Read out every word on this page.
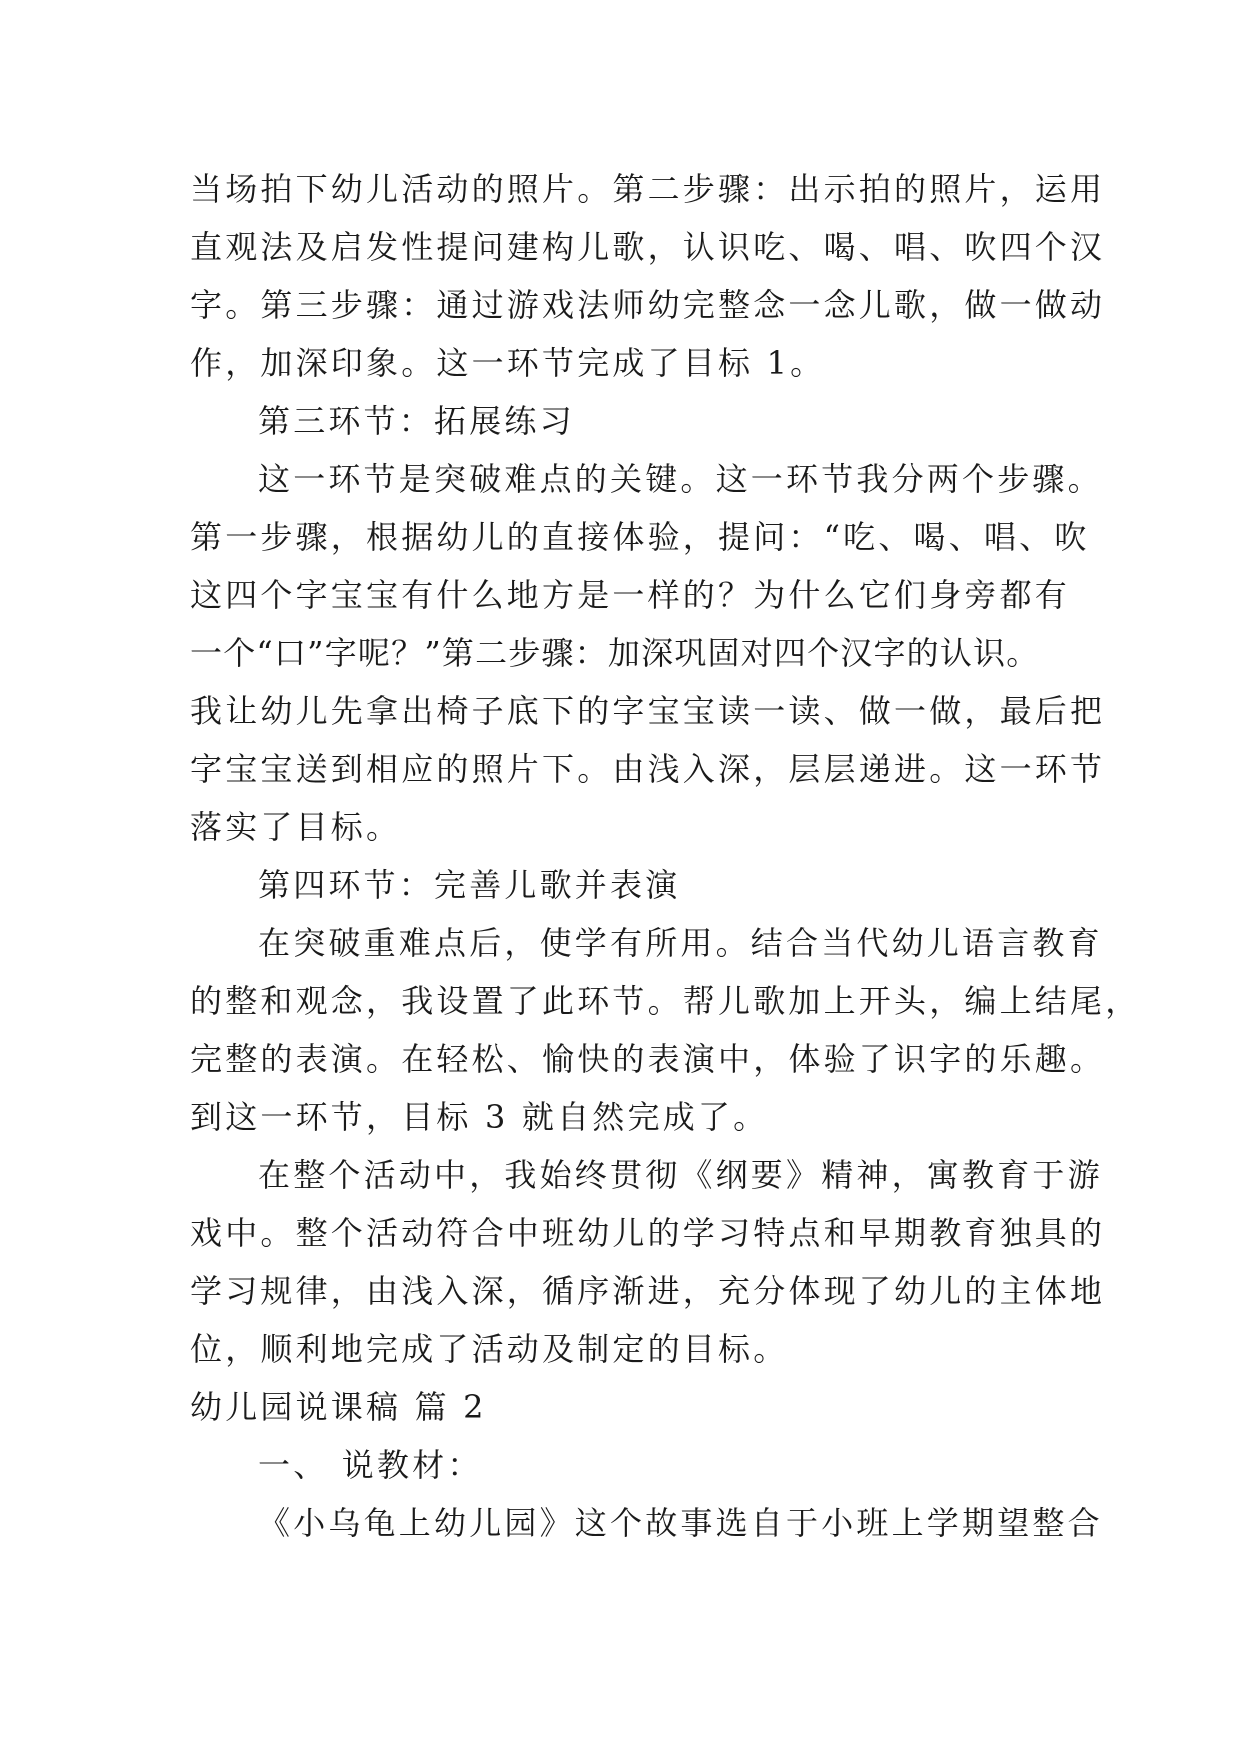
当场拍下幼儿活动的照片。第二步骤：出示拍的照片，运用
直观法及启发性提问建构儿歌，认识吃、喝、唱、吹四个汉
字。第三步骤：通过游戏法师幼完整念一念儿歌，做一做动
作，加深印象。这一环节完成了目标 1。
第三环节：拓展练习
这一环节是突破难点的关键。这一环节我分两个步骤。
第一步骤，根据幼儿的直接体验，提问：“吃、喝、唱、吹
这四个字宝宝有什么地方是一样的？为什么它们身旁都有
一个“口”字呢？”第二步骤：加深巩固对四个汉字的认识。
我让幼儿先拿出椅子底下的字宝宝读一读、做一做，最后把
字宝宝送到相应的照片下。由浅入深，层层递进。这一环节
落实了目标。
第四环节：完善儿歌并表演
在突破重难点后，使学有所用。结合当代幼儿语言教育
的整和观念，我设置了此环节。帮儿歌加上开头，编上结尾，
完整的表演。在轻松、愉快的表演中，体验了识字的乐趣。
到这一环节，目标 3 就自然完成了。
在整个活动中，我始终贯彻《纲要》精神，寓教育于游
戏中。整个活动符合中班幼儿的学习特点和早期教育独具的
学习规律，由浅入深，循序渐进，充分体现了幼儿的主体地
位，顺利地完成了活动及制定的目标。
幼儿园说课稿 篇 2
一、 说教材：
《小乌龟上幼儿园》这个故事选自于小班上学期望整合
